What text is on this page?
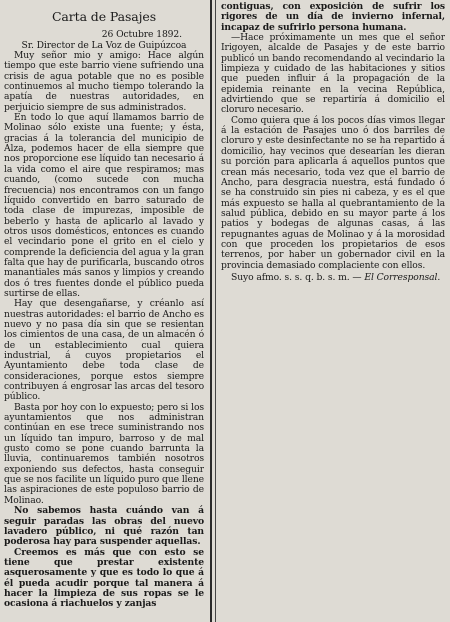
Carta de Pasajes

26 Octubre 1892.

Sr. Director de La Voz de Guipúzcoa

Muy señor mio y amigo: Hace algún tiempo que este barrio viene sufriendo una crisis de agua potable que no es posible continuemos al mucho tiempo tolerando la apatía de nuestras autoridades, en perjuicio siempre de sus administrados.

En todo lo que aquí llamamos barrio de Molinao sólo existe una fuente; y ésta, gracias á la tolerancia del municipio de Alza, podemos hacer de ella siempre que nos proporcione ese líquido tan necesario á la vida como el aire que respiramos; mas cuando, (como sucede con mucha frecuencia) nos encontramos con un fango líquido convertido en barro saturado de toda clase de impurezas, imposible de beberlo y hasta de aplicarlo al lavado y otros usos domésticos, entonces es cuando el vecindario pone el grito en el cielo y comprende la deficiencia del agua y la gran falta que hay de purificarla, buscando otros manantiales más sanos y limpios y creando dos ó tres fuentes donde el público pueda surtirse de ellas.

Hay que desengañarse, y créanlo así nuestras autoridades: el barrio de Ancho es nuevo y no pasa día sin que se resientan los cimientos de una casa, de un almacén ó de un establecimiento cual quiera industrial, á cuyos propietarios el Ayuntamiento debe toda clase de consideraciones, porque estos siempre contribuyen á engrosar las arcas del tesoro público.

Basta por hoy con lo expuesto; pero si los ayuntamientos que nos administran continúan en ese trece suministrando nos un líquido tan impuro, barroso y de mal gusto como se pone cuando barrunta la lluvia, continuaremos también nosotros exponiendo sus defectos, hasta conseguir que se nos facilite un líquido puro que llene las aspiraciones de este populoso barrio de Molinao.

No sabemos hasta cuándo van á seguir paradas las obras del nuevo lavadero público, ni qué razón tan poderosa hay para suspender aquellas.

Creemos es más que con esto se tiene que prestar existente asquerosamente y que es todo lo que á él pueda acudir porque tal manera á hacer la limpieza de sus ropas se le ocasiona á riachuelos y zanjas

contiguas, con exposición de sufrir los rigores de un día de invierno infernal, incapaz de sufrirlo persona humana.

—Hace próximamente un mes que el señor Irigoyen, alcalde de Pasajes y de este barrio publicó un bando recomendando al vecindario la limpieza y cuidado de las habitaciones y sitios que pueden influir á la propagación de la epidemia reinante en la vecina República, advirtiendo que se repartiría á domicilio el cloruro necesario.

Como quiera que á los pocos días vimos llegar á la estación de Pasajes uno ó dos barriles de cloruro y este desinfectante no se ha repartido á domicilio, hay vecinos que desearían les dieran su porción para aplicarla á aquellos puntos que crean más necesario, toda vez que el barrio de Ancho, para desgracia nuestra, está fundado ó se ha construido sin pies ni cabeza, y es el que más expuesto se halla al quebrantamiento de la salud pública, debido en su mayor parte á los patios y bodegas de algunas casas, á las repugnantes aguas de Molinao y á la morosidad con que proceden los propietarios de esos terrenos, por haber un gobernador civil en la provincia demasiado complaciente con ellos.

Suyo afmo. s. s. q. b. s. m. — El Corresponsal.
